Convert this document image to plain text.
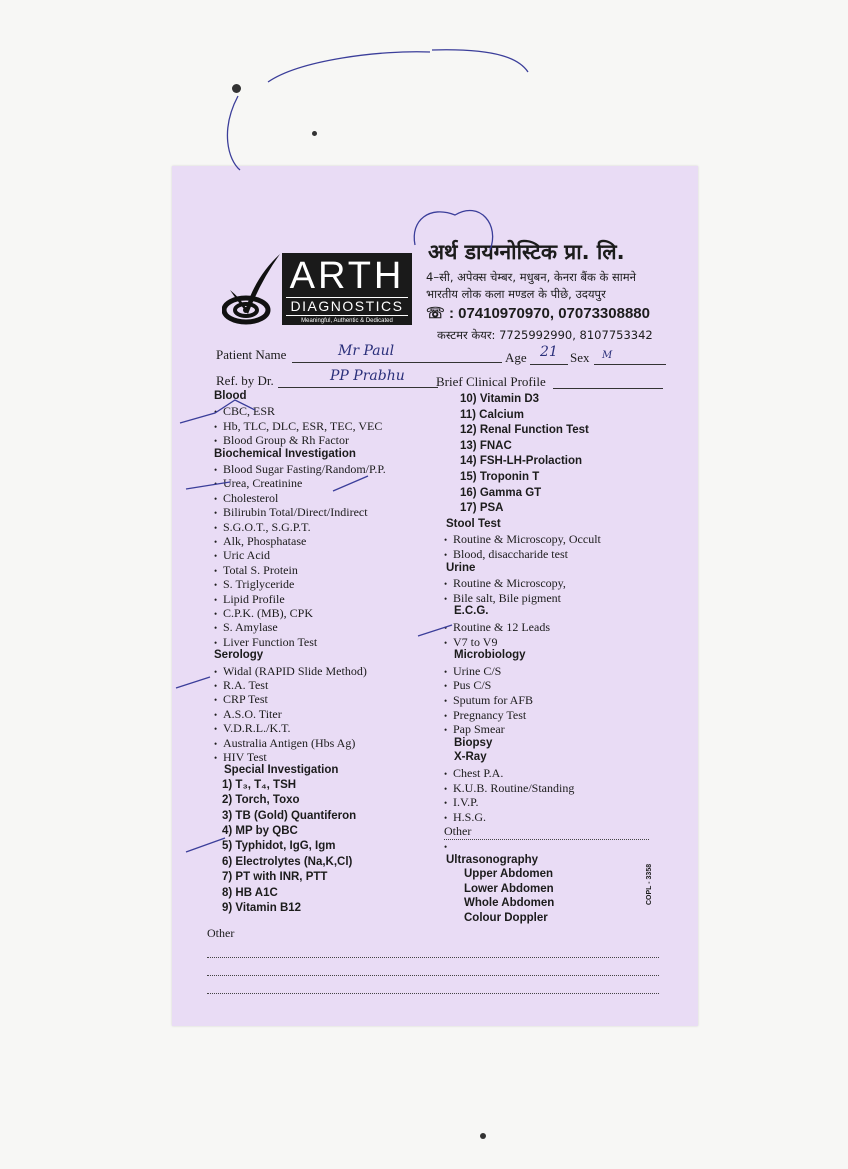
ARTH
DIAGNOSTICS
Meaningful, Authentic & Dedicated
अर्थ डायग्नोस्टिक प्रा. लि.
4–सी, अपेक्स चेम्बर, मधुबन, केनरा बैंक के सामने
भारतीय लोक कला मण्डल के पीछे, उदयपुर
☏ : 07410970970, 07073308880
कस्टमर केयर: 7725992990, 8107753342
Patient Name	Mr Paul	Age 21 Sex M
Ref. by Dr.	PP Prabhu Brief Clinical Profile
Blood
• CBC, ESR
• Hb, TLC, DLC, ESR, TEC, VEC
• Blood Group & Rh Factor
Biochemical Investigation
• Blood Sugar Fasting/Random/P.P.
• Urea, Creatinine
• Cholesterol
• Bilirubin Total/Direct/Indirect
• S.G.O.T., S.G.P.T.
• Alk, Phosphatase
• Uric Acid
• Total S. Protein
• S. Triglyceride
• Lipid Profile
• C.P.K. (MB), CPK
• S. Amylase
• Liver Function Test
Serology
• Widal (RAPID Slide Method)
• R.A. Test
• CRP Test
• A.S.O. Titer
• V.D.R.L./K.T.
• Australia Antigen (Hbs Ag)
• HIV Test
Special Investigation
1) T₃, T₄, TSH
2) Torch, Toxo
3) TB (Gold) Quantiferon
4) MP by QBC
5) Typhidot, IgG, Igm
6) Electrolytes (Na,K,Cl)
7) PT with INR, PTT
8) HB A1C
9) Vitamin B12
10) Vitamin D3
11) Calcium
12) Renal Function Test
13) FNAC
14) FSH-LH-Prolaction
15) Troponin T
16) Gamma GT
17) PSA
Stool Test
• Routine & Microscopy, Occult
• Blood, disaccharide test
Urine
• Routine & Microscopy,
• Bile salt, Bile pigment
E.C.G.
• Routine & 12 Leads
• V7 to V9
Microbiology
• Urine C/S
• Pus C/S
• Sputum for AFB
• Pregnancy Test
• Pap Smear
Biopsy
X-Ray
• Chest P.A.
• K.U.B. Routine/Standing
• I.V.P.
• H.S.G.
Other
•
Ultrasonography
Upper Abdomen
Lower Abdomen
Whole Abdomen
Colour Doppler
Other
COPL - 3358
